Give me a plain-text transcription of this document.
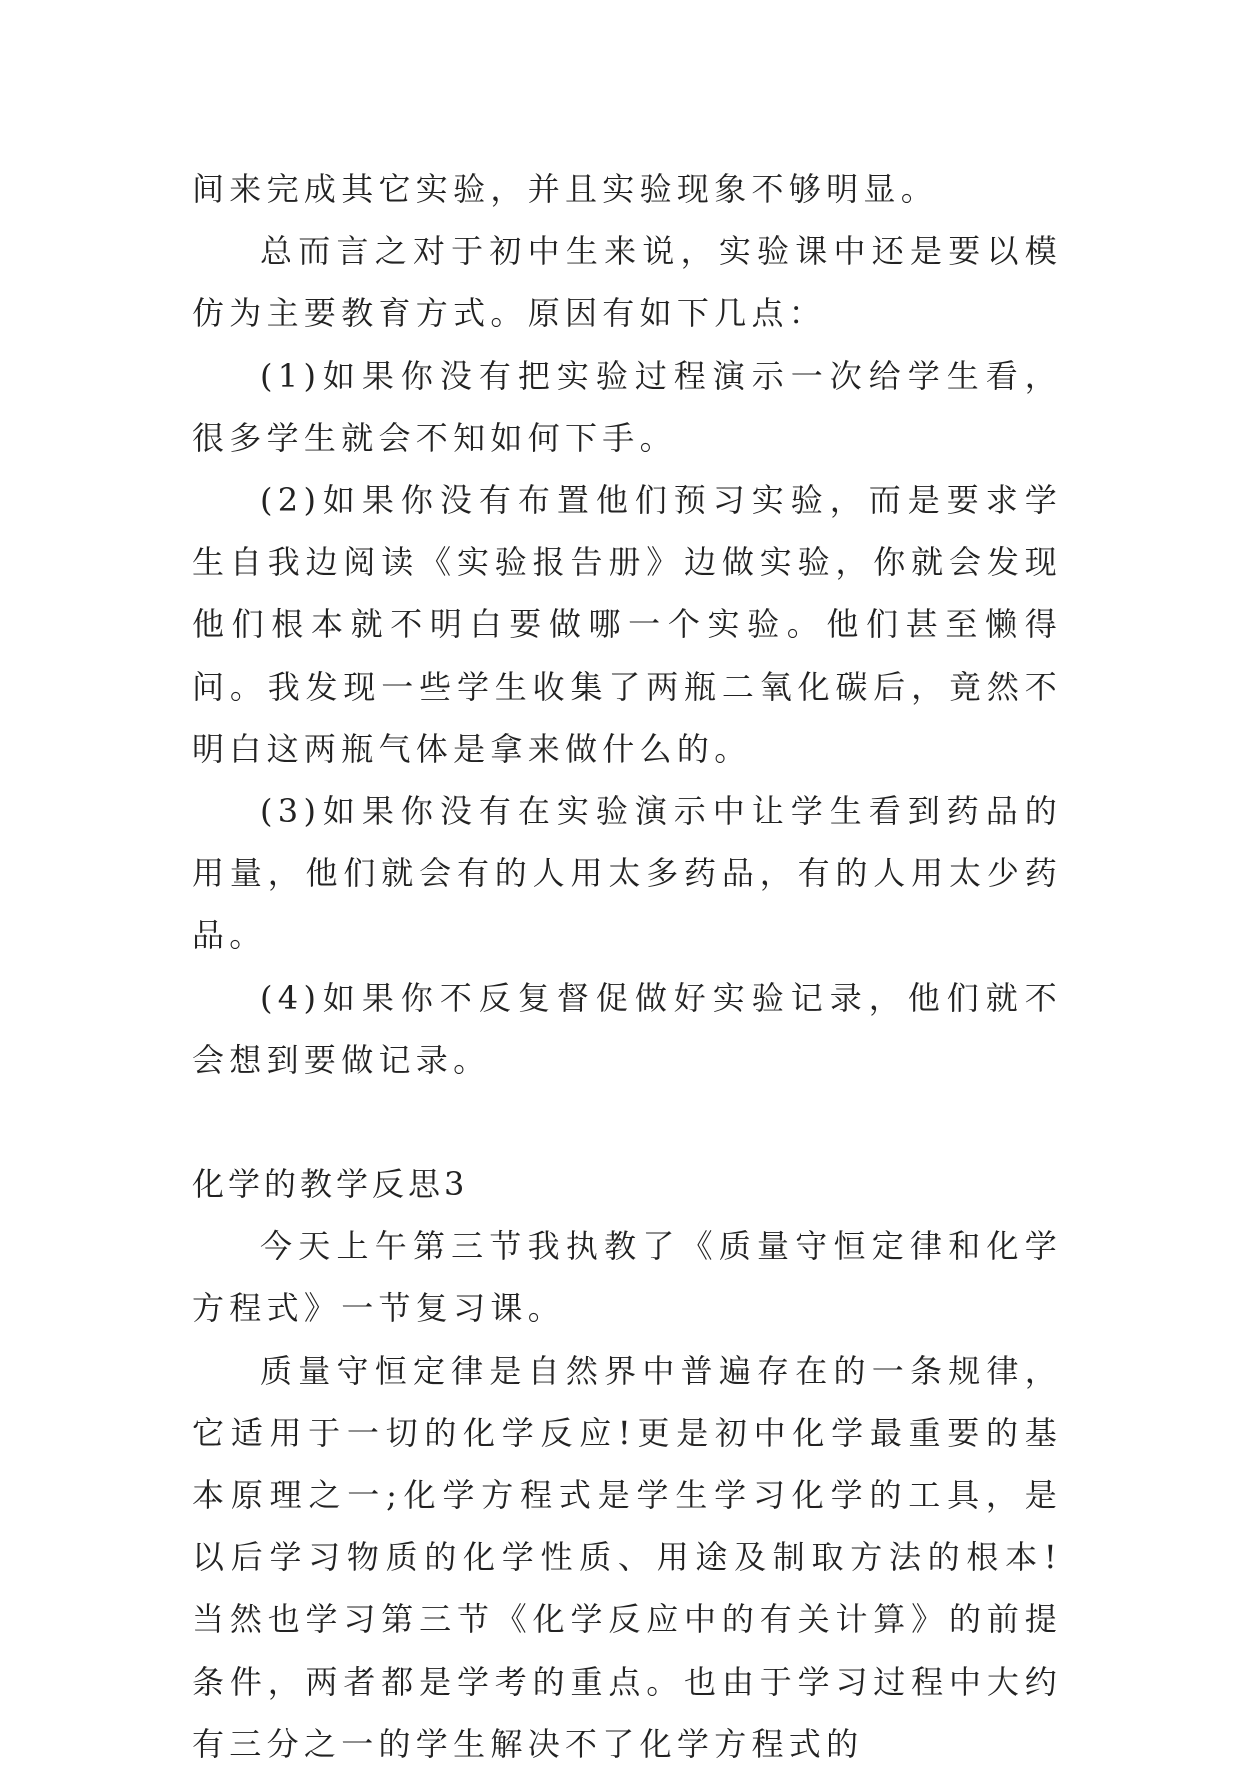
间来完成其它实验，并且实验现象不够明显。

总而言之对于初中生来说，实验课中还是要以模仿为主要教育方式。原因有如下几点：

(1)如果你没有把实验过程演示一次给学生看，很多学生就会不知如何下手。

(2)如果你没有布置他们预习实验，而是要求学生自我边阅读《实验报告册》边做实验，你就会发现他们根本就不明白要做哪一个实验。他们甚至懒得问。我发现一些学生收集了两瓶二氧化碳后，竟然不明白这两瓶气体是拿来做什么的。

(3)如果你没有在实验演示中让学生看到药品的用量，他们就会有的人用太多药品，有的人用太少药品。

(4)如果你不反复督促做好实验记录，他们就不会想到要做记录。

化学的教学反思3

今天上午第三节我执教了《质量守恒定律和化学方程式》一节复习课。

质量守恒定律是自然界中普遍存在的一条规律，它适用于一切的化学反应!更是初中化学最重要的基本原理之一;化学方程式是学生学习化学的工具，是以后学习物质的化学性质、用途及制取方法的根本!当然也学习第三节《化学反应中的有关计算》的前提条件，两者都是学考的重点。也由于学习过程中大约有三分之一的学生解决不了化学方程式的
